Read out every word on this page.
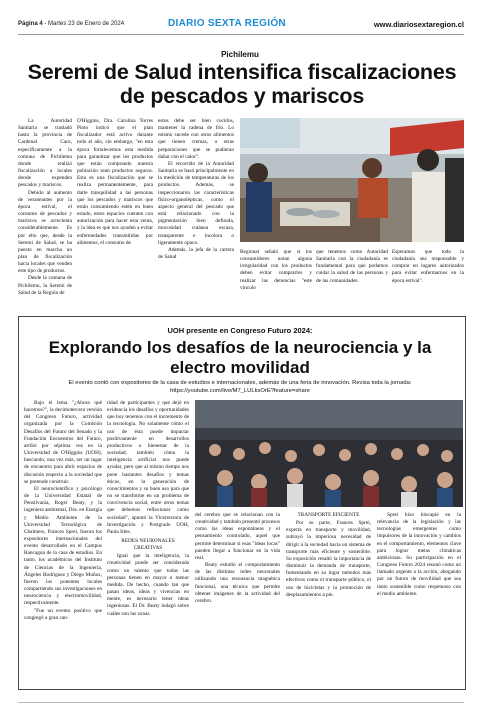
Página 4 - Martes 23 de Enero de 2024	DIARIO SEXTA REGIÓN	www.diariosextaregion.cl
Pichilemu
Seremi de Salud intensifica fiscalizaciones de pescados y mariscos

La Autoridad Sanitaria se trasladó hasta la provincia de Cardenal Caro, específicamente a la comuna de Pichilemu donde realizó fiscalización a locales donde expenden pescados y mariscos.

Debido al aumento de veraneantes por la época estival, el consumo de pescados y mariscos se acrecienta considerablemente. Es por ello que, desde la Seremi de Salud, se ha puesto en marcha un plan de fiscalización hacia locales que venden este tipo de productos.

Desde la comuna de Pichilemu, la Seremi de Salud de la Región de

O'Higgins, Dra. Carolina Torres Pinto indicó que el plan fiscalizador está activo durante todo el año, sin embargo, "en esta época fortalecemos esta medida para garantizar que los productos que están comprando nuestra población sean productos seguros. Esta es una fiscalización que se realiza permanentemente, para darle tranquilidad a las personas que los pescados y mariscos que están consumiendo estén en buen estado, estos espacios cuenten con autorización para hacer esta venta, y la idea es que nos ayuden a evitar enfermedades transmitidas por alimentos, el consumo de

estos debe ser bien cocidos, mantener la cadena de frío. Lo mismo sucede con otros alimentos que tienen cremas, u otras preparaciones que se pudieran dañar con el calor".

El recorrido de la Autoridad Sanitaria se basó principalmente en la medición de temperaturas de los productos. Además, se inspeccionaron las características físico-organolépticas, como el aspecto general del pescado que está relacionado con la pigmentación bien definida, mucosidad cutánea escasa, transparente e incolora o ligeramente opaca.

Además, la jefa de la cartera de Salud

Regional señaló que si los consumidores notan alguna irregularidad con los productos deben evitar comprarlos y realizar las denuncias "este vínculo

que tenemos como Autoridad Sanitaria con la ciudadanía es fundamental para que podamos cuidar la salud de las personas y de las comunidades.

Esperamos que toda la ciudadanía sea responsable y comprar en lugares autorizados para evitar enfermarnos en la época estival".

UOH presente en Congreso Futuro 2024:
Explorando los desafíos de la neurociencia y la electro movilidad
El evento contó con expositores de la casa de estudios e internacionales, además de una feria de innovación. Revisa toda la jornada: https://youtube.com/live/M7_LULksOrE?feature=share

Bajo el lema "¿Ahora qué hacemos?", la decimotercera versión del Congreso Futuro, actividad organizada por la Comisión Desafíos del Futuro del Senado y la Fundación Encuentros del Futuro, arribó por séptima vez en la Universidad de O'Higgins (UOH), buscando, una vez más, ser un lugar de encuentro para abrir espacios de discusión respecto a la sociedad que se pretende construir.

El neurocientífico y psicólogo de la Universidad Estatal de Pensilvania, Roger Beaty, y la ingeniera ambiental, Dra. en Energía y Medio Ambiente de la Universidad Tecnológica de Chalmers, Frances Sprei, fueron los expositores internacionales del evento desarrollado en el Campus Rancagua de la casa de estudios. En tanto, los académicos del Instituto de Ciencias de la Ingeniería, Ángeles Rodríguez y Diego Muñoz, fueron los ponentes locales compartiendo sus investigaciones en neurociencia y electromovilidad, respectivamente.

"Fue un evento positivo que congregó a gran can-

tidad de participantes y que dejó en evidencia los desafíos y oportunidades que hoy tenemos con el incremento de la tecnología. No solamente cómo el uso de ésta puede impactar positivamente en desarrollos productivos o bienestar de la sociedad; también cómo la inteligencia artificial nos puede ayudar, pero que al mismo tiempo nos pone bastantes desafíos y temas éticos, en la generación de conocimientos y su buen uso para que no se transforme en un problema de convivencia social, entre otros temas que debemos reflexionar como sociedad", apuntó la Vicerrectora de Investigación y Postgrado UOH, Paula Irles.

REDES NEURONALES CREATIVAS

Igual que la inteligencia, la creatividad puede ser considerada como un talento que todas las personas tienen en mayor o menor medida. De hecho, cuando tan que pasan ideas, ideas y vivencias en mente, es necesario tener ideas ingeniosas. El Dr. Beaty indagó sobre cuáles son las zonas

del cerebro que se relacionan con la creatividad y también presentó procesos como las ideas espontáneas y el pensamiento controlado, aquel que permite determinar si esas "ideas locas" pueden llegar a funcionar en la vida real.

Beaty estudió el comportamiento de las distintas redes neuronales utilizando una resonancia magnética funcional, una técnica que permite obtener imágenes de la actividad del cerebro.

TRANSPORTE EFICIENTE

Por su parte, Frances Sprei, experta en transporte y movilidad, subrayó la imperiosa necesidad de dirigir a la sociedad hacia un sistema de transporte más eficiente y sostenible. Su exposición resaltó la importancia de disminuir la demanda de transporte, fomentando en su lugar métodos más efectivos como el transporte público, el uso de bicicletas y la promoción de desplazamientos a pie.

Sprei hizo hincapié en la relevancia de la legislación y las tecnologías emergentes como impulsores de la innovación y cambios en el comportamiento, elementos clave para lograr metas climáticas ambiciosas. Su participación en el Congreso Futuro 2024 resonó como un llamado urgente a la acción, abogando por un futuro de movilidad que sea tanto sostenible como respetuoso con el medio ambiente.
